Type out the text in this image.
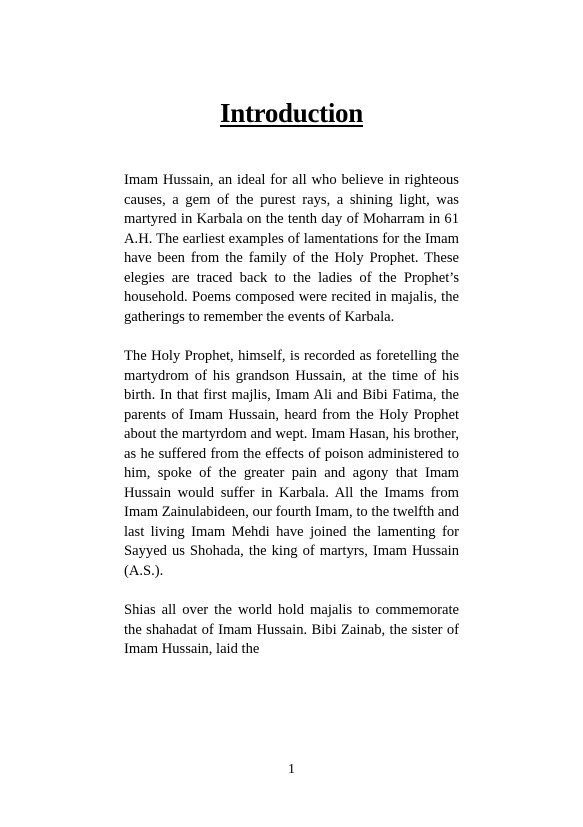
Introduction

Imam Hussain, an ideal for all who believe in righteous causes, a gem of the purest rays, a shining light, was martyred in Karbala on the tenth day of Moharram in 61 A.H. The earliest examples of lamentations for the Imam have been from the family of the Holy Prophet. These elegies are traced back to the ladies of the Prophet’s household. Poems composed were recited in majalis, the gatherings to remember the events of Karbala.

The Holy Prophet, himself, is recorded as foretelling the martydrom of his grandson Hussain, at the time of his birth. In that first majlis, Imam Ali and Bibi Fatima, the parents of Imam Hussain, heard from the Holy Prophet about the martyrdom and wept. Imam Hasan, his brother, as he suffered from the effects of poison administered to him, spoke of the greater pain and agony that Imam Hussain would suffer in Karbala. All the Imams from Imam Zainulabideen, our fourth Imam, to the twelfth and last living Imam Mehdi have joined the lamenting for Sayyed us Shohada, the king of martyrs, Imam Hussain (A.S.).

Shias all over the world hold majalis to commemorate the shahadat of Imam Hussain. Bibi Zainab, the sister of Imam Hussain, laid the

1
